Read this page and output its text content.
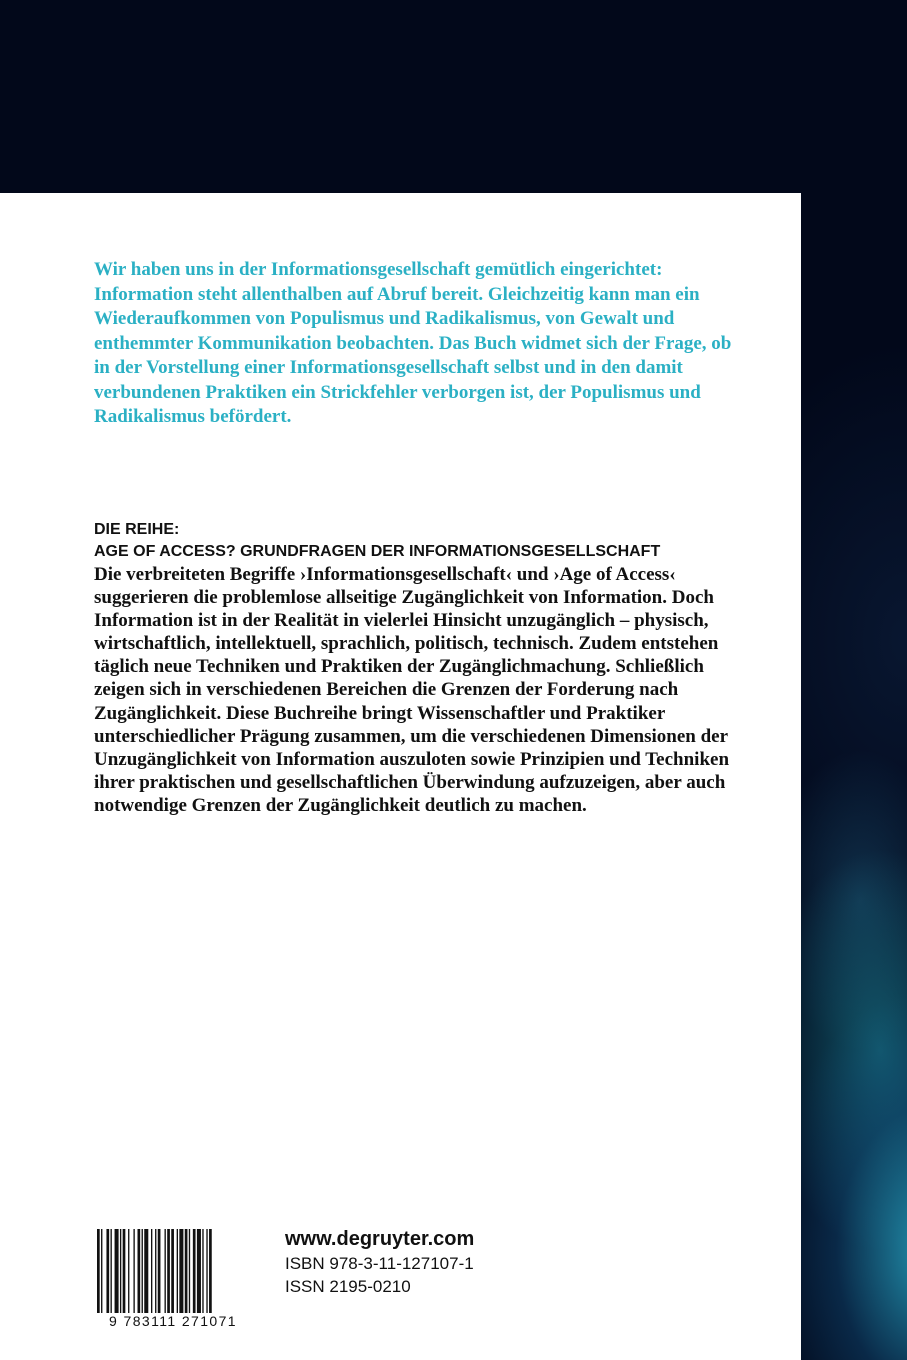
Wir haben uns in der Informationsgesellschaft gemütlich eingerichtet: Information steht allenthalben auf Abruf bereit. Gleichzeitig kann man ein Wiederaufkommen von Populismus und Radikalismus, von Gewalt und enthemmter Kommunikation beobachten. Das Buch widmet sich der Frage, ob in der Vorstellung einer Informationsgesellschaft selbst und in den damit verbundenen Praktiken ein Strickfehler verborgen ist, der Populismus und Radikalismus befördert.

DIE REIHE:
AGE OF ACCESS? GRUNDFRAGEN DER INFORMATIONSGESELLSCHAFT

Die verbreiteten Begriffe ›Informationsgesellschaft‹ und ›Age of Access‹ suggerieren die problemlose allseitige Zugänglichkeit von Information. Doch Information ist in der Realität in vielerlei Hinsicht unzugänglich – physisch, wirtschaftlich, intellektuell, sprachlich, politisch, technisch. Zudem entstehen täglich neue Techniken und Praktiken der Zugänglichmachung. Schließlich zeigen sich in verschiedenen Bereichen die Grenzen der Forderung nach Zugänglichkeit. Diese Buchreihe bringt Wissenschaftler und Praktiker unterschiedlicher Prägung zusammen, um die verschiedenen Dimensionen der Unzugänglichkeit von Information auszuloten sowie Prinzipien und Techniken ihrer praktischen und gesellschaftlichen Überwindung aufzuzeigen, aber auch notwendige Grenzen der Zugänglichkeit deutlich zu machen.

9 783111 271071
www.degruyter.com
ISBN 978-3-11-127107-1
ISSN 2195-0210
